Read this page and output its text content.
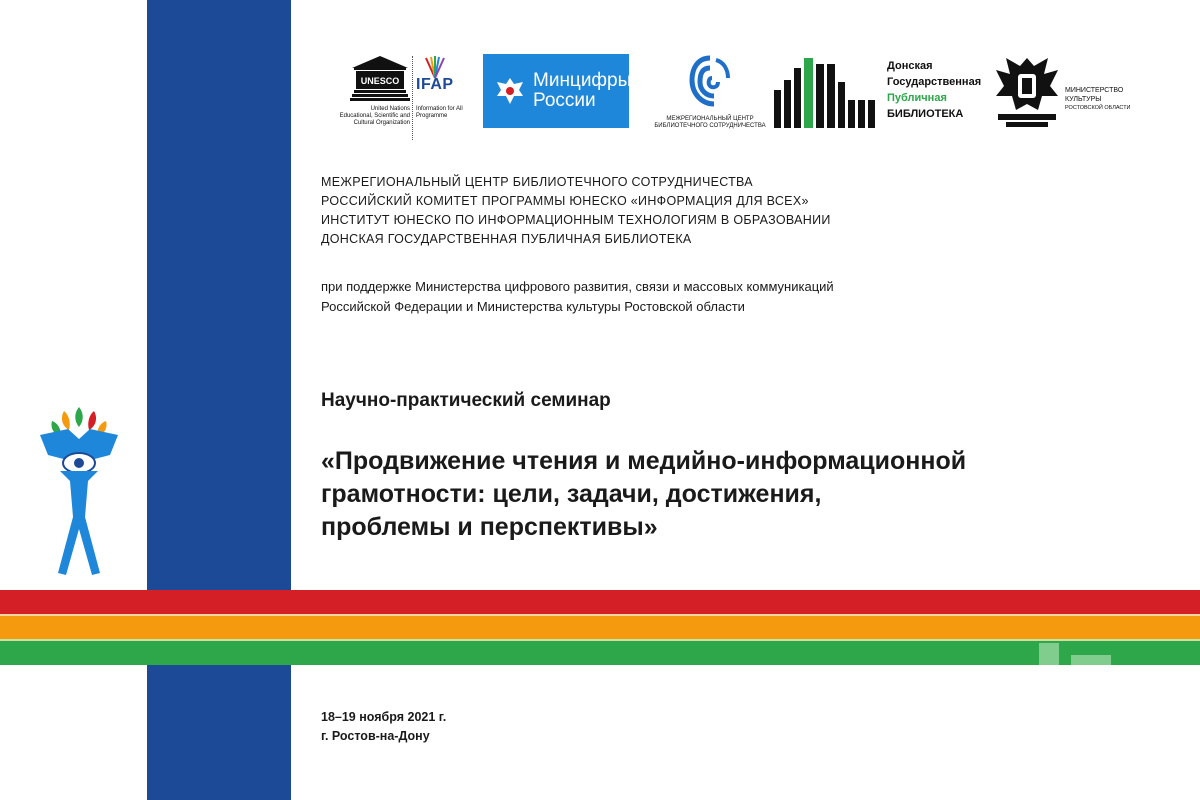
UNESCO
United Nations
Educational, Scientific and
Cultural Organization
IFAP
Information for All
Programme
Минцифры
России
МЕЖРЕГИОНАЛЬНЫЙ ЦЕНТР
БИБЛИОТЕЧНОГО СОТРУДНИЧЕСТВА
Донская
Государственная
Публичная
БИБЛИОТЕКА
МИНИСТЕРСТВО
КУЛЬТУРЫ
РОСТОВСКОЙ ОБЛАСТИ
МЕЖРЕГИОНАЛЬНЫЙ ЦЕНТР БИБЛИОТЕЧНОГО СОТРУДНИЧЕСТВА
РОССИЙСКИЙ КОМИТЕТ ПРОГРАММЫ ЮНЕСКО «ИНФОРМАЦИЯ ДЛЯ ВСЕХ»
ИНСТИТУТ ЮНЕСКО ПО ИНФОРМАЦИОННЫМ ТЕХНОЛОГИЯМ В ОБРАЗОВАНИИ
ДОНСКАЯ ГОСУДАРСТВЕННАЯ ПУБЛИЧНАЯ БИБЛИОТЕКА
при поддержке Министерства цифрового развития, связи и массовых коммуникаций
Российской Федерации и Министерства культуры Ростовской области
Научно-практический семинар
«Продвижение чтения и медийно-информационной
грамотности: цели, задачи, достижения,
проблемы и перспективы»
18–19 ноября 2021 г.
г. Ростов-на-Дону
